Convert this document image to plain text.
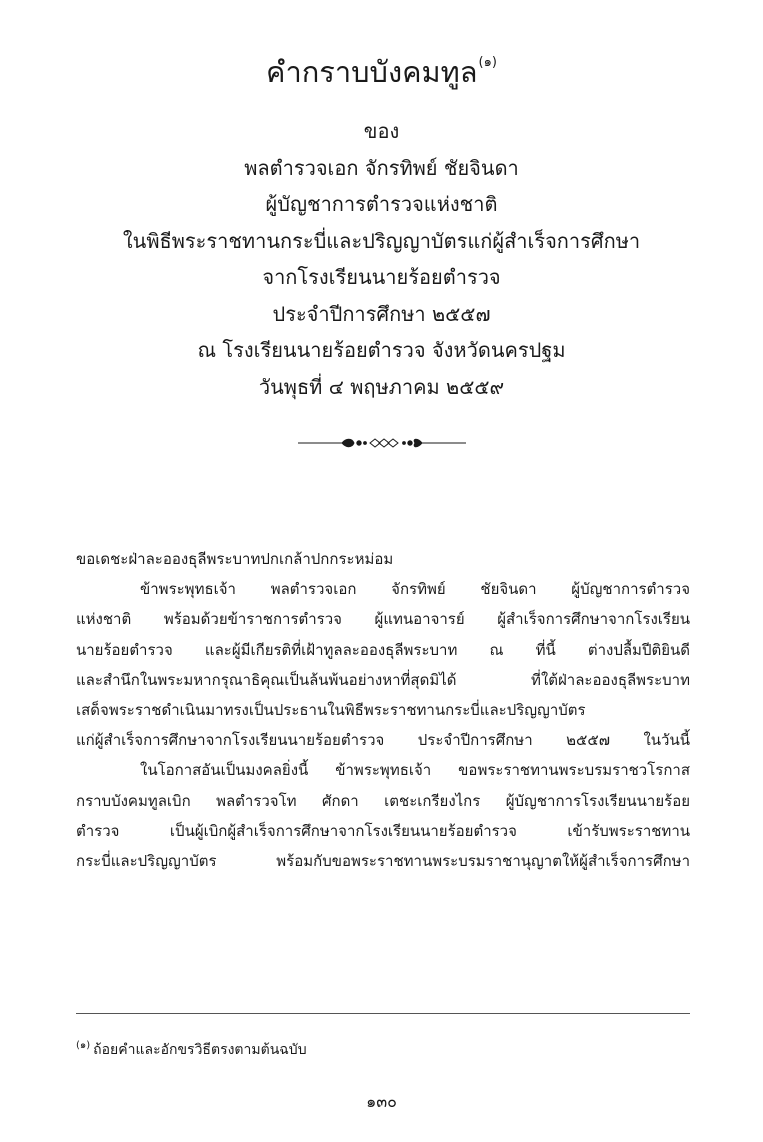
คำกราบบังคมทูล$^{(๑)}$
ของ
พลตำรวจเอก จักรทิพย์ ชัยจินดา
ผู้บัญชาการตำรวจแห่งชาติ
ในพิธีพระราชทานกระบี่และปริญญาบัตรแก่ผู้สำเร็จการศึกษา
จากโรงเรียนนายร้อยตำรวจ
ประจำปีการศึกษา ๒๕๕๗
ณ โรงเรียนนายร้อยตำรวจ จังหวัดนครปฐม
วันพุธที่ ๔ พฤษภาคม ๒๕๕๙
ขอเดชะฝ่าละอองธุลีพระบาทปกเกล้าปกกระหม่อม
ข้าพระพุทธเจ้า พลตำรวจเอก จักรทิพย์ ชัยจินดา ผู้บัญชาการตำรวจ
แห่งชาติ พร้อมด้วยข้าราชการตำรวจ ผู้แทนอาจารย์ ผู้สำเร็จการศึกษาจากโรงเรียน
นายร้อยตำรวจ และผู้มีเกียรติที่เฝ้าทูลละอองธุลีพระบาท ณ ที่นี้ ต่างปลื้มปีติยินดี
และสำนึกในพระมหากรุณาธิคุณเป็นล้นพ้นอย่างหาที่สุดมิได้ ที่ใต้ฝ่าละอองธุลีพระบาท
เสด็จพระราชดำเนินมาทรงเป็นประธานในพิธีพระราชทานกระบี่และปริญญาบัตร
แก่ผู้สำเร็จการศึกษาจากโรงเรียนนายร้อยตำรวจ ประจำปีการศึกษา ๒๕๕๗ ในวันนี้
ในโอกาสอันเป็นมงคลยิ่งนี้ ข้าพระพุทธเจ้า ขอพระราชทานพระบรมราชวโรกาส
กราบบังคมทูลเบิก พลตำรวจโท ศักดา เตชะเกรียงไกร ผู้บัญชาการโรงเรียนนายร้อย
ตำรวจ เป็นผู้เบิกผู้สำเร็จการศึกษาจากโรงเรียนนายร้อยตำรวจ เข้ารับพระราชทาน
กระบี่และปริญญาบัตร พร้อมกับขอพระราชทานพระบรมราชานุญาตให้ผู้สำเร็จการศึกษา
$^{(๑)}$ ถ้อยคำและอักขรวิธีตรงตามต้นฉบับ
๑๓๐
